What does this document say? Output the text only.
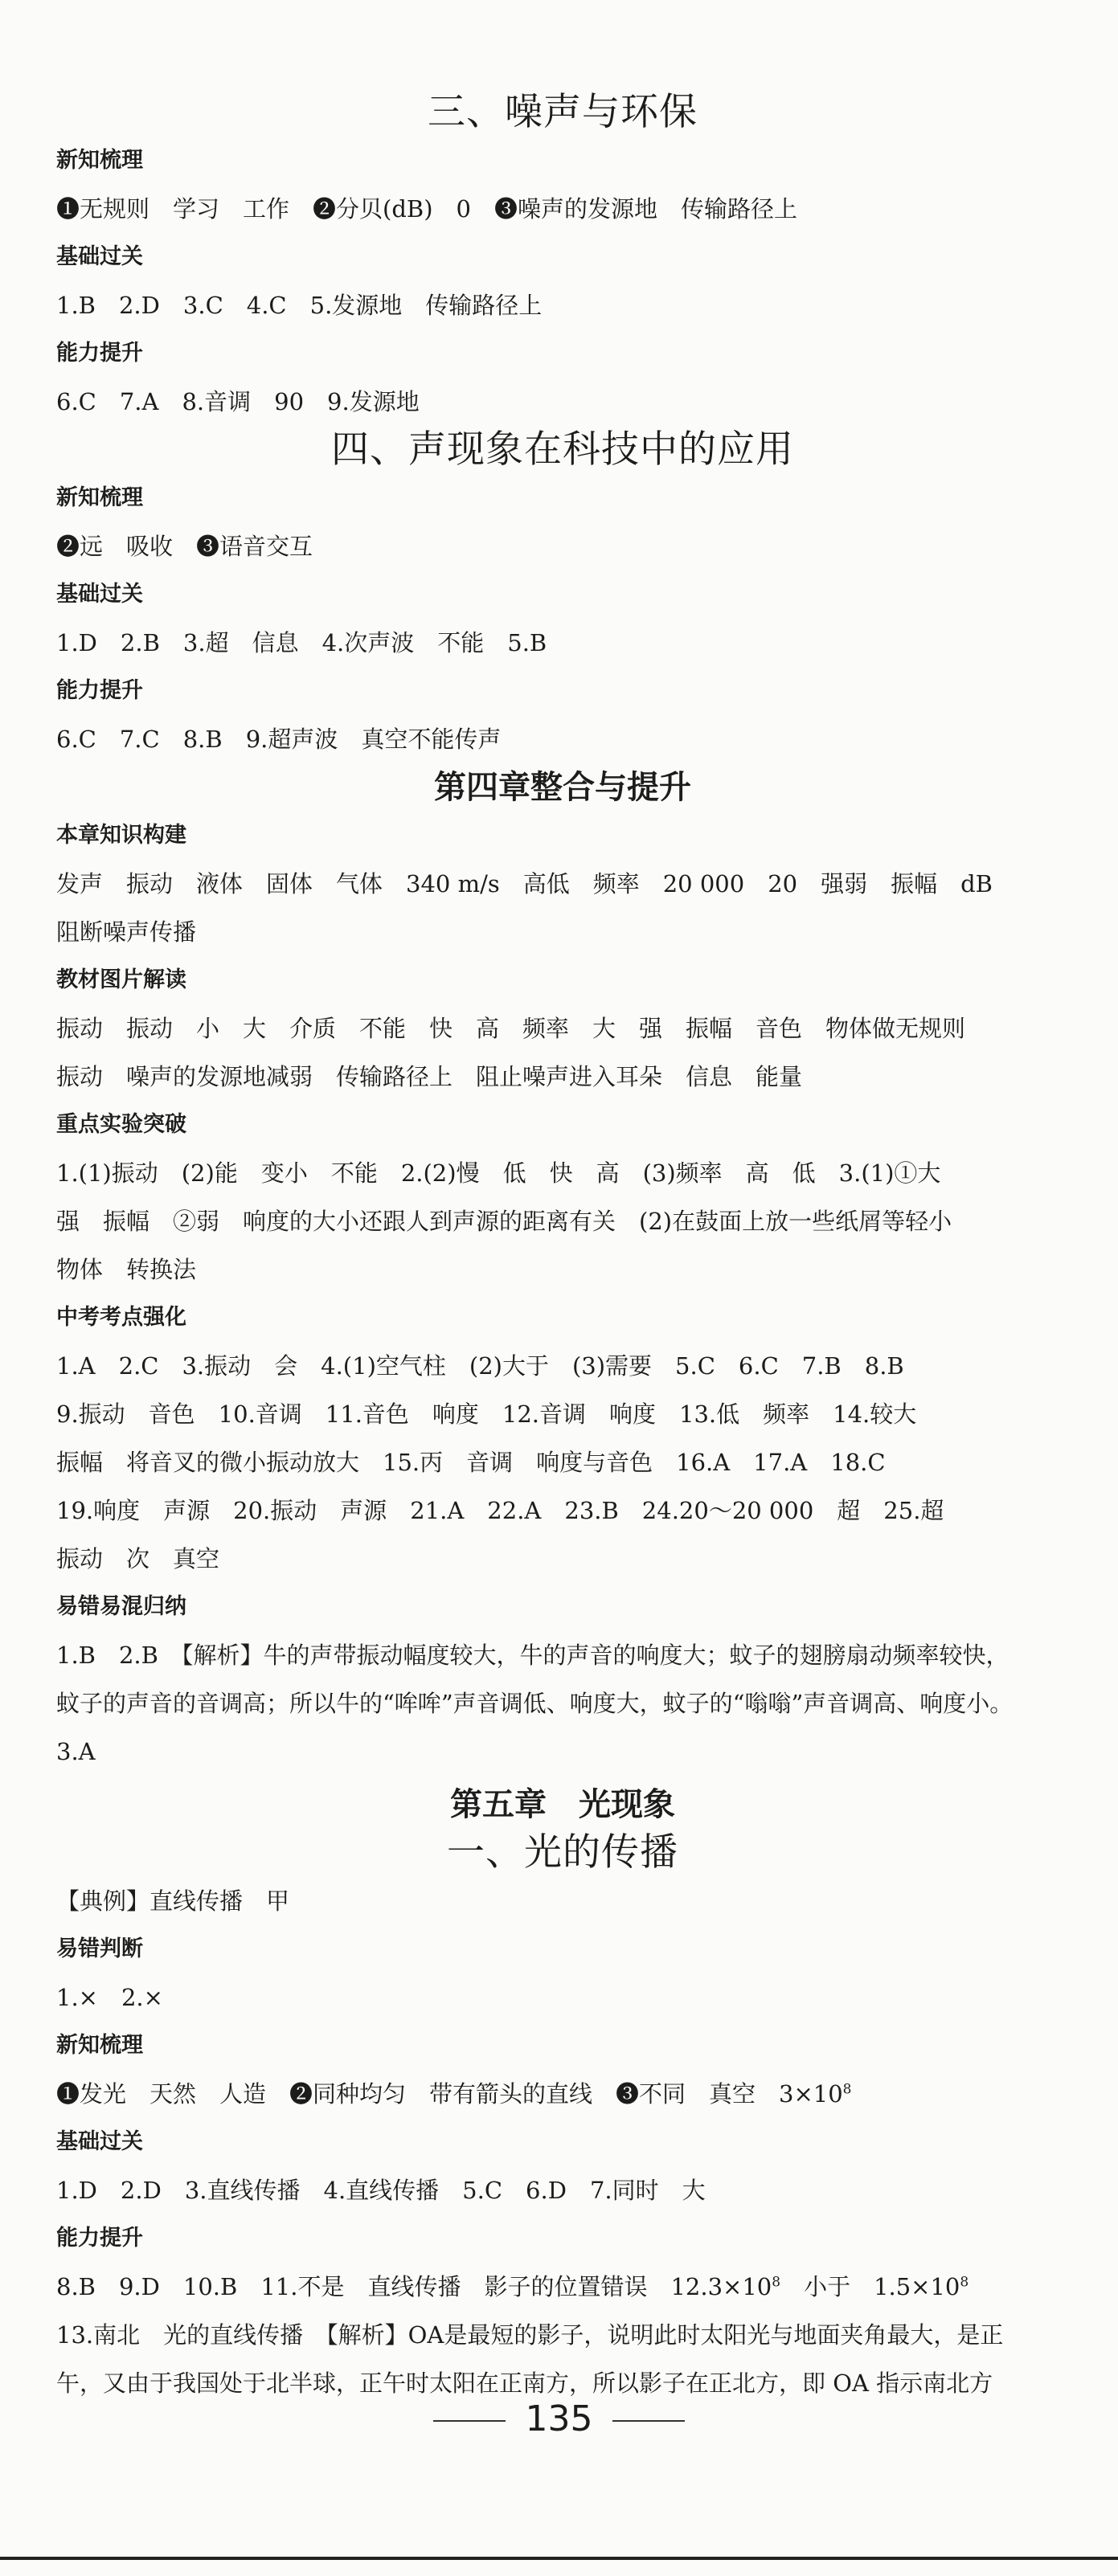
三、噪声与环保
新知梳理
❶无规则　学习　工作　❷分贝(dB)　0　❸噪声的发源地　传输路径上
基础过关
1.B　2.D　3.C　4.C　5.发源地　传输路径上
能力提升
6.C　7.A　8.音调　90　9.发源地
四、声现象在科技中的应用
新知梳理
❷远　吸收　❸语音交互
基础过关
1.D　2.B　3.超　信息　4.次声波　不能　5.B
能力提升
6.C　7.C　8.B　9.超声波　真空不能传声
第四章整合与提升
本章知识构建
发声　振动　液体　固体　气体　340 m/s　高低　频率　20 000　20　强弱　振幅　dB
阻断噪声传播
教材图片解读
振动　振动　小　大　介质　不能　快　高　频率　大　强　振幅　音色　物体做无规则
振动　噪声的发源地减弱　传输路径上　阻止噪声进入耳朵　信息　能量
重点实验突破
1.(1)振动　(2)能　变小　不能　2.(2)慢　低　快　高　(3)频率　高　低　3.(1)①大
强　振幅　②弱　响度的大小还跟人到声源的距离有关　(2)在鼓面上放一些纸屑等轻小
物体　转换法
中考考点强化
1.A　2.C　3.振动　会　4.(1)空气柱　(2)大于　(3)需要　5.C　6.C　7.B　8.B
9.振动　音色　10.音调　11.音色　响度　12.音调　响度　13.低　频率　14.较大
振幅　将音叉的微小振动放大　15.丙　音调　响度与音色　16.A　17.A　18.C
19.响度　声源　20.振动　声源　21.A　22.A　23.B　24.20～20 000　超　25.超
振动　次　真空
易错易混归纳
1.B　2.B　【解析】牛的声带振动幅度较大，牛的声音的响度大；蚊子的翅膀扇动频率较快，
蚊子的声音的音调高；所以牛的“哞哞”声音调低、响度大，蚊子的“嗡嗡”声音调高、响度小。
3.A
第五章　光现象
一、光的传播
【典例】直线传播　甲
易错判断
1.×　2.×
新知梳理
❶发光　天然　人造　❷同种均匀　带有箭头的直线　❸不同　真空　$3\times 10^8$
基础过关
1.D　2.D　3.直线传播　4.直线传播　5.C　6.D　7.同时　大
能力提升
8.B　9.D　10.B　11.不是　直线传播　影子的位置错误　$12.3\times 10^8$　小于　$1.5\times 10^8$
13.南北　光的直线传播　【解析】OA是最短的影子，说明此时太阳光与地面夹角最大，是正
午，又由于我国处于北半球，正午时太阳在正南方，所以影子在正北方，即 OA 指示南北方
135
